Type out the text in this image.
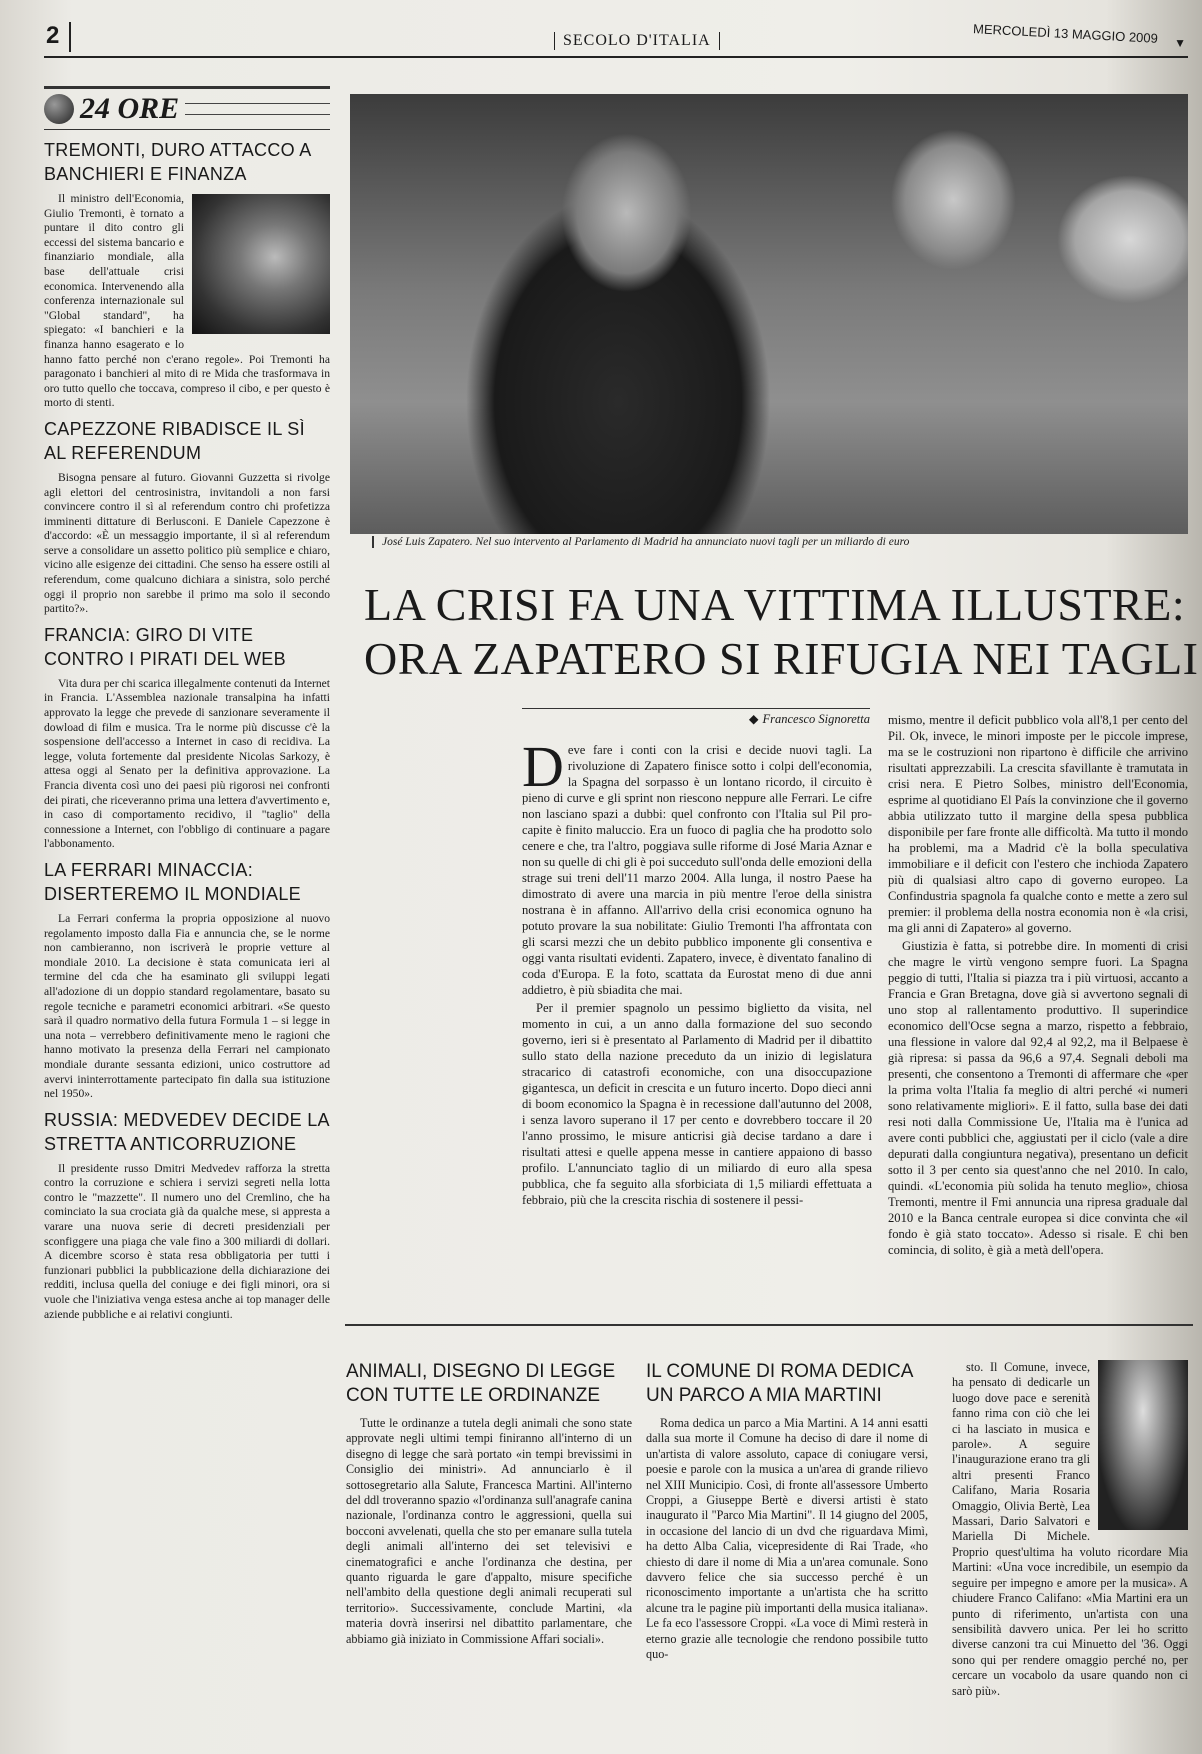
2	SECOLO D'ITALIA	MERCOLEDÌ 13 MAGGIO 2009 ▼
24 ORE
TREMONTI, DURO ATTACCO A BANCHIERI E FINANZA

Il ministro dell'Economia, Giulio Tremonti, è tornato a puntare il dito contro gli eccessi del sistema bancario e finanziario mondiale, alla base dell'attuale crisi economica. Intervenendo alla conferenza internazionale sul "Global standard", ha spiegato: «I banchieri e la finanza hanno esagerato e lo hanno fatto perché non c'erano regole». Poi Tremonti ha paragonato i banchieri al mito di re Mida che trasformava in oro tutto quello che toccava, compreso il cibo, e per questo è morto di stenti.

CAPEZZONE RIBADISCE IL SÌ AL REFERENDUM

Bisogna pensare al futuro. Giovanni Guzzetta si rivolge agli elettori del centrosinistra, invitandoli a non farsi convincere contro il sì al referendum contro chi profetizza imminenti dittature di Berlusconi. E Daniele Capezzone è d'accordo: «È un messaggio importante, il sì al referendum serve a consolidare un assetto politico più semplice e chiaro, vicino alle esigenze dei cittadini. Che senso ha essere ostili al referendum, come qualcuno dichiara a sinistra, solo perché oggi il proprio non sarebbe il primo ma solo il secondo partito?».

FRANCIA: GIRO DI VITE CONTRO I PIRATI DEL WEB

Vita dura per chi scarica illegalmente contenuti da Internet in Francia. L'Assemblea nazionale transalpina ha infatti approvato la legge che prevede di sanzionare severamente il dowload di film e musica. Tra le norme più discusse c'è la sospensione dell'accesso a Internet in caso di recidiva. La legge, voluta fortemente dal presidente Nicolas Sarkozy, è attesa oggi al Senato per la definitiva approvazione. La Francia diventa così uno dei paesi più rigorosi nei confronti dei pirati, che riceveranno prima una lettera d'avvertimento e, in caso di comportamento recidivo, il "taglio" della connessione a Internet, con l'obbligo di continuare a pagare l'abbonamento.

LA FERRARI MINACCIA: DISERTEREMO IL MONDIALE

La Ferrari conferma la propria opposizione al nuovo regolamento imposto dalla Fia e annuncia che, se le norme non cambieranno, non iscriverà le proprie vetture al mondiale 2010. La decisione è stata comunicata ieri al termine del cda che ha esaminato gli sviluppi legati all'adozione di un doppio standard regolamentare, basato su regole tecniche e parametri economici arbitrari. «Se questo sarà il quadro normativo della futura Formula 1 – si legge in una nota – verrebbero definitivamente meno le ragioni che hanno motivato la presenza della Ferrari nel campionato mondiale durante sessanta edizioni, unico costruttore ad avervi ininterrottamente partecipato fin dalla sua istituzione nel 1950».

RUSSIA: MEDVEDEV DECIDE LA STRETTA ANTICORRUZIONE

Il presidente russo Dmitri Medvedev rafforza la stretta contro la corruzione e schiera i servizi segreti nella lotta contro le "mazzette". Il numero uno del Cremlino, che ha cominciato la sua crociata già da qualche mese, si appresta a varare una nuova serie di decreti presidenziali per sconfiggere una piaga che vale fino a 300 miliardi di dollari. A dicembre scorso è stata resa obbligatoria per tutti i funzionari pubblici la pubblicazione della dichiarazione dei redditi, inclusa quella del coniuge e dei figli minori, ora si vuole che l'iniziativa venga estesa anche ai top manager delle aziende pubbliche e ai relativi congiunti.

José Luis Zapatero. Nel suo intervento al Parlamento di Madrid ha annunciato nuovi tagli per un miliardo di euro
LA CRISI FA UNA VITTIMA ILLUSTRE:
ORA ZAPATERO SI RIFUGIA NEI TAGLI
◆ Francesco Signoretta

Deve fare i conti con la crisi e decide nuovi tagli. La rivoluzione di Zapatero finisce sotto i colpi dell'economia, la Spagna del sorpasso è un lontano ricordo, il circuito è pieno di curve e gli sprint non riescono neppure alle Ferrari. Le cifre non lasciano spazi a dubbi: quel confronto con l'Italia sul Pil pro-capite è finito maluccio. Era un fuoco di paglia che ha prodotto solo cenere e che, tra l'altro, poggiava sulle riforme di José Maria Aznar e non su quelle di chi gli è poi succeduto sull'onda delle emozioni della strage sui treni dell'11 marzo 2004. Alla lunga, il nostro Paese ha dimostrato di avere una marcia in più mentre l'eroe della sinistra nostrana è in affanno. All'arrivo della crisi economica ognuno ha potuto provare la sua nobilitate: Giulio Tremonti l'ha affrontata con gli scarsi mezzi che un debito pubblico imponente gli consentiva e oggi vanta risultati evidenti. Zapatero, invece, è diventato fanalino di coda d'Europa. E la foto, scattata da Eurostat meno di due anni addietro, è più sbiadita che mai.

Per il premier spagnolo un pessimo biglietto da visita, nel momento in cui, a un anno dalla formazione del suo secondo governo, ieri si è presentato al Parlamento di Madrid per il dibattito sullo stato della nazione preceduto da un inizio di legislatura stracarico di catastrofi economiche, con una disoccupazione gigantesca, un deficit in crescita e un futuro incerto. Dopo dieci anni di boom economico la Spagna è in recessione dall'autunno del 2008, i senza lavoro superano il 17 per cento e dovrebbero toccare il 20 l'anno prossimo, le misure anticrisi già decise tardano a dare i risultati attesi e quelle appena messe in cantiere appaiono di basso profilo. L'annunciato taglio di un miliardo di euro alla spesa pubblica, che fa seguito alla sforbiciata di 1,5 miliardi effettuata a febbraio, più che la crescita rischia di sostenere il pessi-

mismo, mentre il deficit pubblico vola all'8,1 per cento del Pil. Ok, invece, le minori imposte per le piccole imprese, ma se le costruzioni non ripartono è difficile che arrivino risultati apprezzabili. La crescita sfavillante è tramutata in crisi nera. E Pietro Solbes, ministro dell'Economia, esprime al quotidiano El País la convinzione che il governo abbia utilizzato tutto il margine della spesa pubblica disponibile per fare fronte alle difficoltà. Ma tutto il mondo ha problemi, ma a Madrid c'è la bolla speculativa immobiliare e il deficit con l'estero che inchioda Zapatero più di qualsiasi altro capo di governo europeo. La Confindustria spagnola fa qualche conto e mette a zero sul premier: il problema della nostra economia non è «la crisi, ma gli anni di Zapatero» al governo.

Giustizia è fatta, si potrebbe dire. In momenti di crisi che magre le virtù vengono sempre fuori. La Spagna peggio di tutti, l'Italia si piazza tra i più virtuosi, accanto a Francia e Gran Bretagna, dove già si avvertono segnali di uno stop al rallentamento produttivo. Il superindice economico dell'Ocse segna a marzo, rispetto a febbraio, una flessione in valore dal 92,4 al 92,2, ma il Belpaese è già ripresa: si passa da 96,6 a 97,4. Segnali deboli ma presenti, che consentono a Tremonti di affermare che «per la prima volta l'Italia fa meglio di altri perché «i numeri sono relativamente migliori». E il fatto, sulla base dei dati resi noti dalla Commissione Ue, l'Italia ma è l'unica ad avere conti pubblici che, aggiustati per il ciclo (vale a dire depurati dalla congiuntura negativa), presentano un deficit sotto il 3 per cento sia quest'anno che nel 2010. In calo, quindi. «L'economia più solida ha tenuto meglio», chiosa Tremonti, mentre il Fmi annuncia una ripresa graduale dal 2010 e la Banca centrale europea si dice convinta che «il fondo è già stato toccato». Adesso si risale. E chi ben comincia, di solito, è già a metà dell'opera.

ANIMALI, DISEGNO DI LEGGE CON TUTTE LE ORDINANZE

Tutte le ordinanze a tutela degli animali che sono state approvate negli ultimi tempi finiranno all'interno di un disegno di legge che sarà portato «in tempi brevissimi in Consiglio dei ministri». Ad annunciarlo è il sottosegretario alla Salute, Francesca Martini. All'interno del ddl troveranno spazio «l'ordinanza sull'anagrafe canina nazionale, l'ordinanza contro le aggressioni, quella sui bocconi avvelenati, quella che sto per emanare sulla tutela degli animali all'interno dei set televisivi e cinematografici e anche l'ordinanza che destina, per quanto riguarda le gare d'appalto, misure specifiche nell'ambito della questione degli animali recuperati sul territorio». Successivamente, conclude Martini, «la materia dovrà inserirsi nel dibattito parlamentare, che abbiamo già iniziato in Commissione Affari sociali».

IL COMUNE DI ROMA DEDICA UN PARCO A MIA MARTINI

Roma dedica un parco a Mia Martini. A 14 anni esatti dalla sua morte il Comune ha deciso di dare il nome di un'artista di valore assoluto, capace di coniugare versi, poesie e parole con la musica a un'area di grande rilievo nel XIII Municipio. Così, di fronte all'assessore Umberto Croppi, a Giuseppe Bertè e diversi artisti è stato inaugurato il "Parco Mia Martini". Il 14 giugno del 2005, in occasione del lancio di un dvd che riguardava Mimì, ha detto Alba Calia, vicepresidente di Rai Trade, «ho chiesto di dare il nome di Mia a un'area comunale. Sono davvero felice che sia successo perché è un riconoscimento importante a un'artista che ha scritto alcune tra le pagine più importanti della musica italiana». Le fa eco l'assessore Croppi. «La voce di Mimì resterà in eterno grazie alle tecnologie che rendono possibile tutto quo-

sto. Il Comune, invece, ha pensato di dedicarle un luogo dove pace e serenità fanno rima con ciò che lei ci ha lasciato in musica e parole». A seguire l'inaugurazione erano tra gli altri presenti Franco Califano, Maria Rosaria Omaggio, Olivia Bertè, Lea Massari, Dario Salvatori e Mariella Di Michele. Proprio quest'ultima ha voluto ricordare Mia Martini: «Una voce incredibile, un esempio da seguire per impegno e amore per la musica». A chiudere Franco Califano: «Mia Martini era un punto di riferimento, un'artista con una sensibilità davvero unica. Per lei ho scritto diverse canzoni tra cui Minuetto del '36. Oggi sono qui per rendere omaggio perché no, per cercare un vocabolo da usare quando non ci sarò più».
